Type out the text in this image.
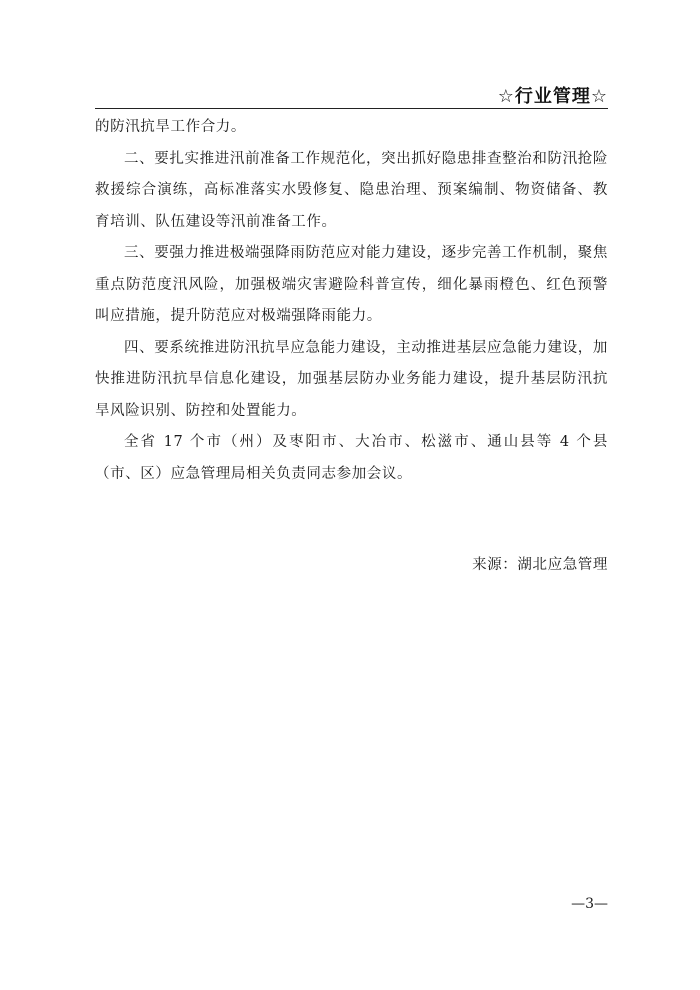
☆行业管理☆

的防汛抗旱工作合力。

二、要扎实推进汛前准备工作规范化，突出抓好隐患排查整治和防汛抢险救援综合演练，高标准落实水毁修复、隐患治理、预案编制、物资储备、教育培训、队伍建设等汛前准备工作。

三、要强力推进极端强降雨防范应对能力建设，逐步完善工作机制，聚焦重点防范度汛风险，加强极端灾害避险科普宣传，细化暴雨橙色、红色预警叫应措施，提升防范应对极端强降雨能力。

四、要系统推进防汛抗旱应急能力建设，主动推进基层应急能力建设，加快推进防汛抗旱信息化建设，加强基层防办业务能力建设，提升基层防汛抗旱风险识别、防控和处置能力。

全省 17 个市（州）及枣阳市、大冶市、松滋市、通山县等 4 个县（市、区）应急管理局相关负责同志参加会议。

来源：湖北应急管理
—3—
